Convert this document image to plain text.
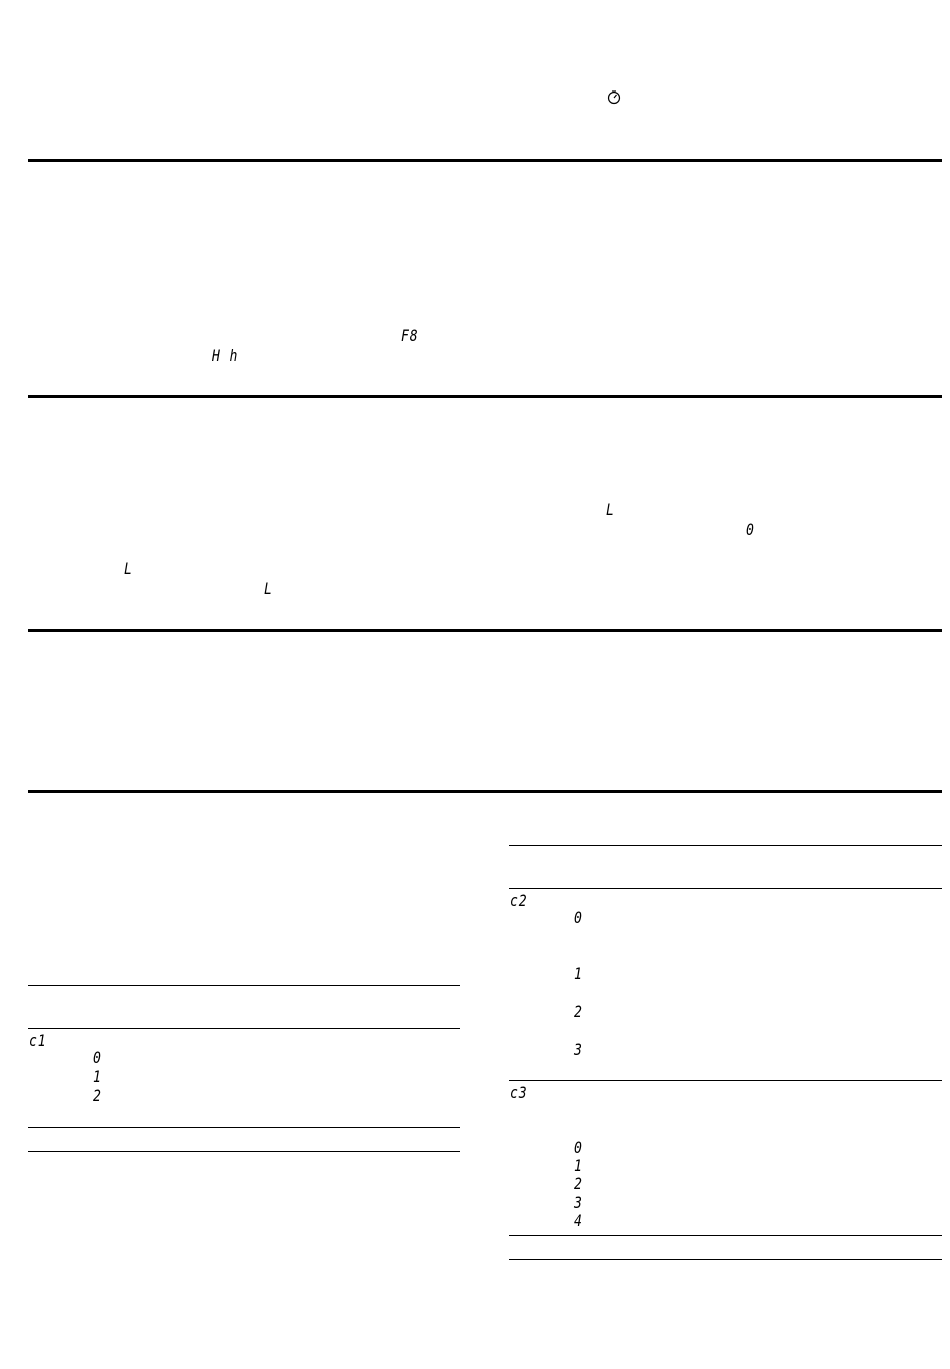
F8
H h
L
0
L
L
c1
0
1
2
c2
0
1
2
3
c3
0
1
2
3
4
